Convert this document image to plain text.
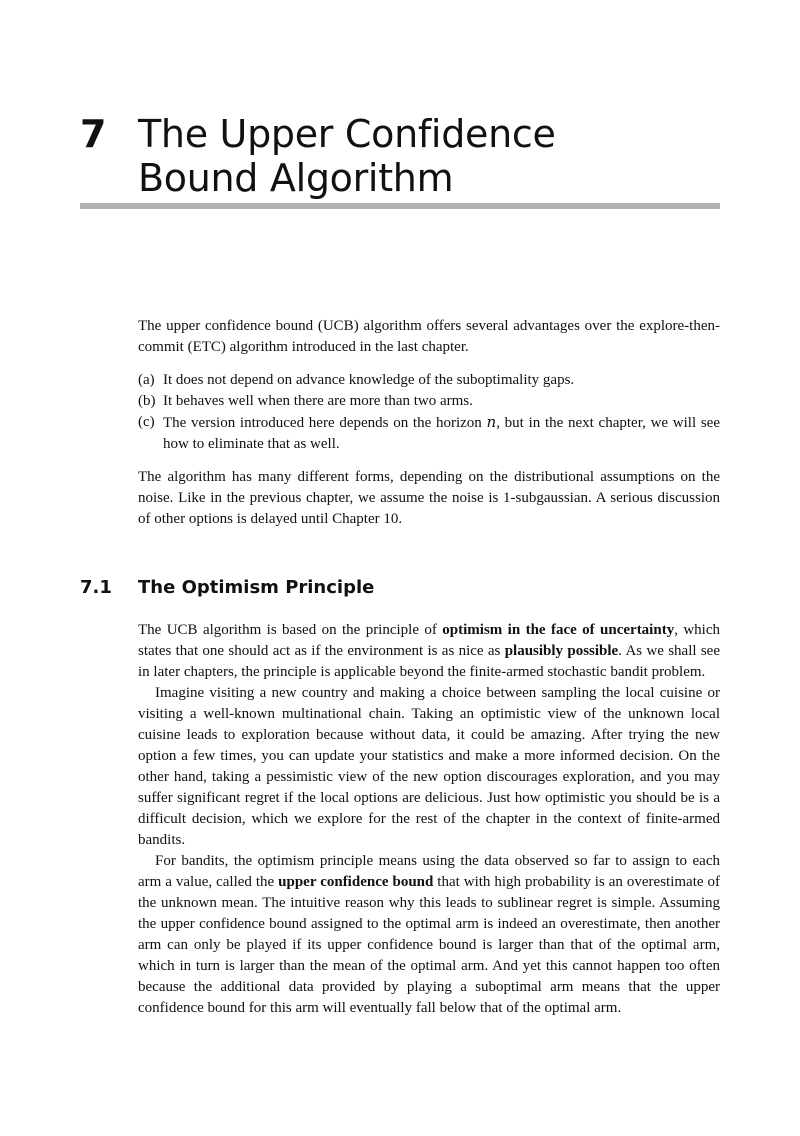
7 The Upper Confidence
Bound Algorithm

The upper confidence bound (UCB) algorithm offers several advantages over the explore-then-commit (ETC) algorithm introduced in the last chapter.

(a) It does not depend on advance knowledge of the suboptimality gaps.
(b) It behaves well when there are more than two arms.
(c) The version introduced here depends on the horizon n, but in the next chapter, we will see how to eliminate that as well.

The algorithm has many different forms, depending on the distributional assumptions on the noise. Like in the previous chapter, we assume the noise is 1-subgaussian. A serious discussion of other options is delayed until Chapter 10.

7.1 The Optimism Principle

The UCB algorithm is based on the principle of optimism in the face of uncertainty, which states that one should act as if the environment is as nice as plausibly possible. As we shall see in later chapters, the principle is applicable beyond the finite-armed stochastic bandit problem.

Imagine visiting a new country and making a choice between sampling the local cuisine or visiting a well-known multinational chain. Taking an optimistic view of the unknown local cuisine leads to exploration because without data, it could be amazing. After trying the new option a few times, you can update your statistics and make a more informed decision. On the other hand, taking a pessimistic view of the new option discourages exploration, and you may suffer significant regret if the local options are delicious. Just how optimistic you should be is a difficult decision, which we explore for the rest of the chapter in the context of finite-armed bandits.

For bandits, the optimism principle means using the data observed so far to assign to each arm a value, called the upper confidence bound that with high probability is an overestimate of the unknown mean. The intuitive reason why this leads to sublinear regret is simple. Assuming the upper confidence bound assigned to the optimal arm is indeed an overestimate, then another arm can only be played if its upper confidence bound is larger than that of the optimal arm, which in turn is larger than the mean of the optimal arm. And yet this cannot happen too often because the additional data provided by playing a suboptimal arm means that the upper confidence bound for this arm will eventually fall below that of the optimal arm.
